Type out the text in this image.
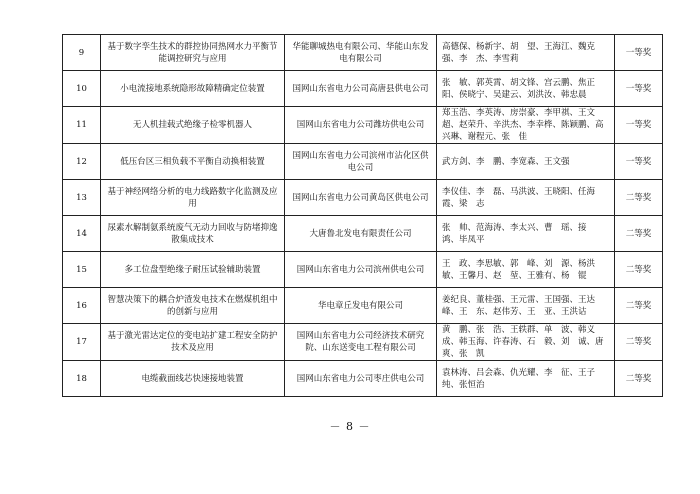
9	基于数字孪生技术的群控协同热网水力平衡节能调控研究与应用	华能聊城热电有限公司、华能山东发电有限公司	高德保、杨新宇、胡　望、王海江、魏克强、李　杰、李雪莉	一等奖
10	小电流接地系统隐形故障精确定位装置	国网山东省电力公司高唐县供电公司	张　敏、郭英霄、胡文锋、宫云鹏、焦正阳、侯晓宁、吴建云、刘洪汝、韩忠晨	一等奖
11	无人机挂载式绝缘子检零机器人	国网山东省电力公司潍坊供电公司	郑玉浩、李英涛、房崇豪、李甲祺、王文超、赵荣升、辛洪杰、李幸桦、陈颖鹏、高兴琳、谢程元、张　佳	一等奖
12	低压台区三相负载不平衡自动换相装置	国网山东省电力公司滨州市沾化区供电公司	武方剑、李　鹏、李宽森、王文强	一等奖
13	基于神经网络分析的电力线路数字化监测及应用	国网山东省电力公司黄岛区供电公司	李仪佳、李　磊、马洪波、王晓阳、任海霞、梁　志	二等奖
14	尿素水解制氨系统废气无动力回收与防堵抑逸散集成技术	大唐鲁北发电有限责任公司	张　帅、范海涛、李太兴、曹　瑶、接　鸿、毕凤平	二等奖
15	多工位盘型绝缘子耐压试验辅助装置	国网山东省电力公司滨州供电公司	王　政、李思敏、郭　峰、刘　源、杨洪敏、王馨月、赵　堃、王雅有、杨　锟	二等奖
16	智慧决策下的耦合炉渣发电技术在燃煤机组中的创新与应用	华电章丘发电有限公司	姜纪良、董桂强、王元雷、王国强、王达峰、王　东、赵伟芳、王　亚、王洪诂	二等奖
17	基于激光雷达定位的变电站扩建工程安全防护技术及应用	国网山东省电力公司经济技术研究院、山东送变电工程有限公司	黄　鹏、张　浩、王轶群、单　波、韩义成、韩玉海、许春涛、石　毅、刘　诚、唐　爽、张　凯	二等奖
18	电缆截面线芯快速接地装置	国网山东省电力公司枣庄供电公司	袁林涛、吕会森、仇光耀、李　征、王子纯、张恒治	二等奖
－ 8 －
